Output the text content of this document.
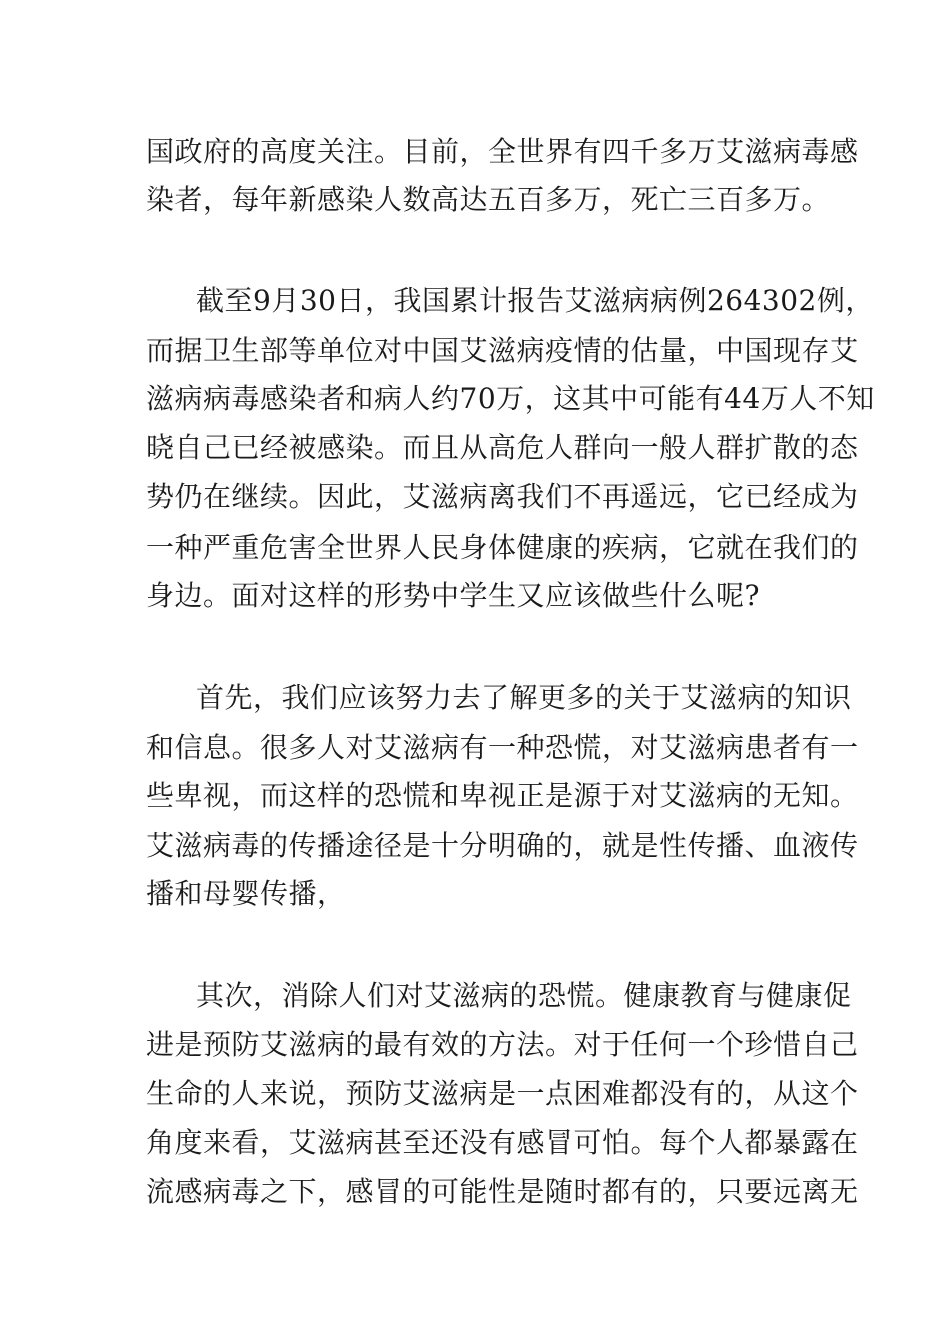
国政府的高度关注。目前，全世界有四千多万艾滋病毒感
染者，每年新感染人数高达五百多万，死亡三百多万。
截至9月30日，我国累计报告艾滋病病例264302例，
而据卫生部等单位对中国艾滋病疫情的估量，中国现存艾
滋病病毒感染者和病人约70万，这其中可能有44万人不知
晓自己已经被感染。而且从高危人群向一般人群扩散的态
势仍在继续。因此，艾滋病离我们不再遥远，它已经成为
一种严重危害全世界人民身体健康的疾病，它就在我们的
身边。面对这样的形势中学生又应该做些什么呢?
首先，我们应该努力去了解更多的关于艾滋病的知识
和信息。很多人对艾滋病有一种恐慌，对艾滋病患者有一
些卑视，而这样的恐慌和卑视正是源于对艾滋病的无知。
艾滋病毒的传播途径是十分明确的，就是性传播、血液传
播和母婴传播，
其次，消除人们对艾滋病的恐慌。健康教育与健康促
进是预防艾滋病的最有效的方法。对于任何一个珍惜自己
生命的人来说，预防艾滋病是一点困难都没有的，从这个
角度来看，艾滋病甚至还没有感冒可怕。每个人都暴露在
流感病毒之下，感冒的可能性是随时都有的，只要远离无
